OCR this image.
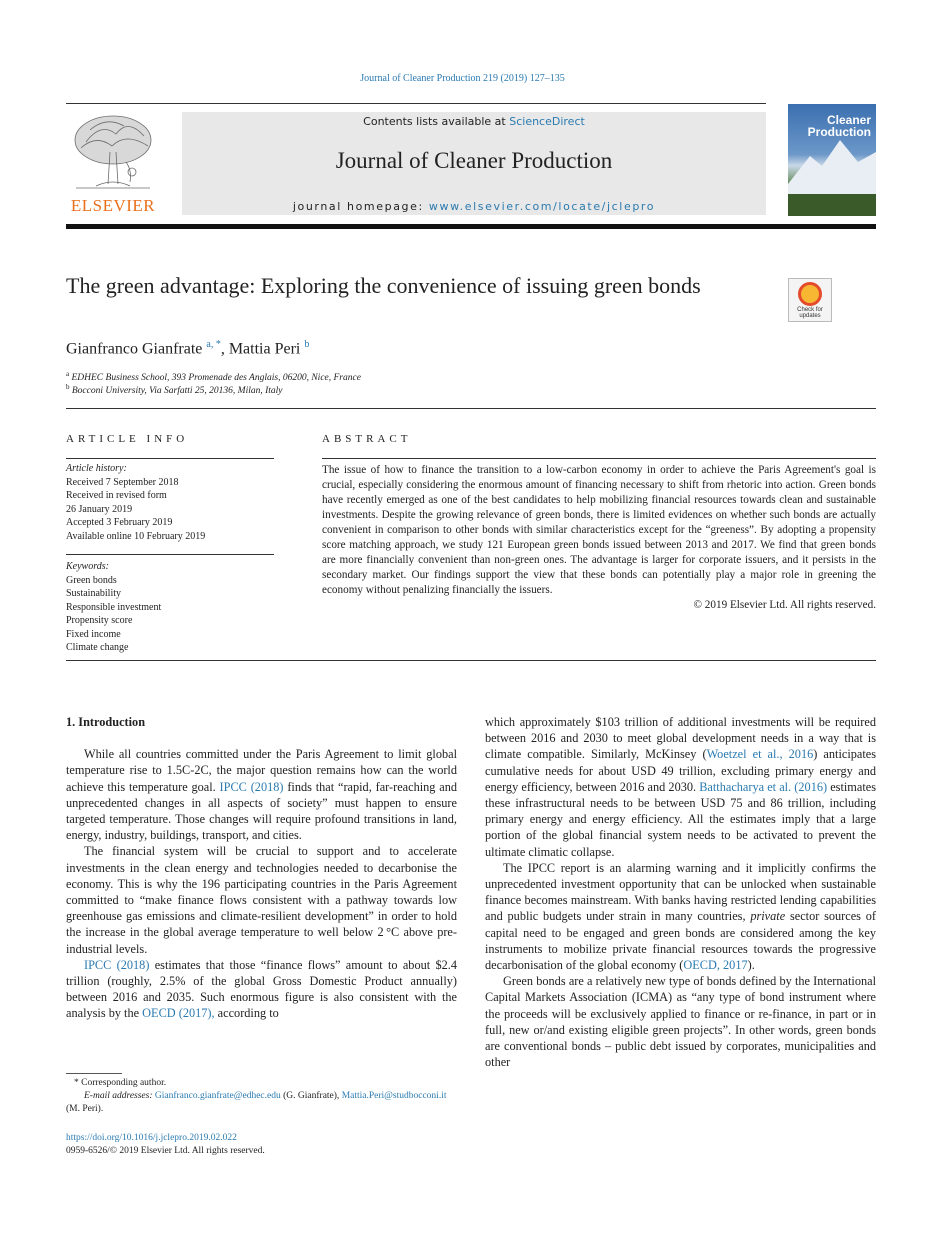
Journal of Cleaner Production 219 (2019) 127–135
ELSEVIER
Contents lists available at ScienceDirect
Journal of Cleaner Production
journal homepage: www.elsevier.com/locate/jclepro
Cleaner
Production
The green advantage: Exploring the convenience of issuing green bonds
Check for updates
Gianfranco Gianfrate $^{a, *}$, Mattia Peri $^b$
$^a$ EDHEC Business School, 393 Promenade des Anglais, 06200, Nice, France
$^b$ Bocconi University, Via Sarfatti 25, 20136, Milan, Italy
ARTICLE INFO
Article history:
Received 7 September 2018
Received in revised form
26 January 2019
Accepted 3 February 2019
Available online 10 February 2019
Keywords:
Green bonds
Sustainability
Responsible investment
Propensity score
Fixed income
Climate change
ABSTRACT
The issue of how to finance the transition to a low-carbon economy in order to achieve the Paris Agreement's goal is crucial, especially considering the enormous amount of financing necessary to shift from rhetoric into action. Green bonds have recently emerged as one of the best candidates to help mobilizing financial resources towards clean and sustainable investments. Despite the growing relevance of green bonds, there is limited evidences on whether such bonds are actually convenient in comparison to other bonds with similar characteristics except for the “greeness”. By adopting a propensity score matching approach, we study 121 European green bonds issued between 2013 and 2017. We find that green bonds are more financially convenient than non-green ones. The advantage is larger for corporate issuers, and it persists in the secondary market. Our findings support the view that these bonds can potentially play a major role in greening the economy without penalizing financially the issuers.
© 2019 Elsevier Ltd. All rights reserved.
1. Introduction

While all countries committed under the Paris Agreement to limit global temperature rise to 1.5C-2C, the major question remains how can the world achieve this temperature goal. IPCC (2018) finds that “rapid, far-reaching and unprecedented changes in all aspects of society” must happen to ensure targeted temperature. Those changes will require profound transitions in land, energy, industry, buildings, transport, and cities.

The financial system will be crucial to support and to accelerate investments in the clean energy and technologies needed to decarbonise the economy. This is why the 196 participating countries in the Paris Agreement committed to “make finance flows consistent with a pathway towards low greenhouse gas emissions and climate-resilient development” in order to hold the increase in the global average temperature to well below 2 °C above pre-industrial levels.

IPCC (2018) estimates that those “finance flows” amount to about $2.4 trillion (roughly, 2.5% of the global Gross Domestic Product annually) between 2016 and 2035. Such enormous figure is also consistent with the analysis by the OECD (2017), according to

which approximately $103 trillion of additional investments will be required between 2016 and 2030 to meet global development needs in a way that is climate compatible. Similarly, McKinsey (Woetzel et al., 2016) anticipates cumulative needs for about USD 49 trillion, excluding primary energy and energy efficiency, between 2016 and 2030. Batthacharya et al. (2016) estimates these infrastructural needs to be between USD 75 and 86 trillion, including primary energy and energy efficiency. All the estimates imply that a large portion of the global financial system needs to be activated to prevent the ultimate climatic collapse.

The IPCC report is an alarming warning and it implicitly confirms the unprecedented investment opportunity that can be unlocked when sustainable finance becomes mainstream. With banks having restricted lending capabilities and public budgets under strain in many countries, private sector sources of capital need to be engaged and green bonds are considered among the key instruments to mobilize private financial resources towards the progressive decarbonisation of the global economy (OECD, 2017).

Green bonds are a relatively new type of bonds defined by the International Capital Markets Association (ICMA) as “any type of bond instrument where the proceeds will be exclusively applied to finance or re-finance, in part or in full, new or/and existing eligible green projects”. In other words, green bonds are conventional bonds – public debt issued by corporates, municipalities and other

* Corresponding author.
E-mail addresses: Gianfranco.gianfrate@edhec.edu (G. Gianfrate), Mattia.Peri@studbocconi.it (M. Peri).
https://doi.org/10.1016/j.jclepro.2019.02.022
0959-6526/© 2019 Elsevier Ltd. All rights reserved.
